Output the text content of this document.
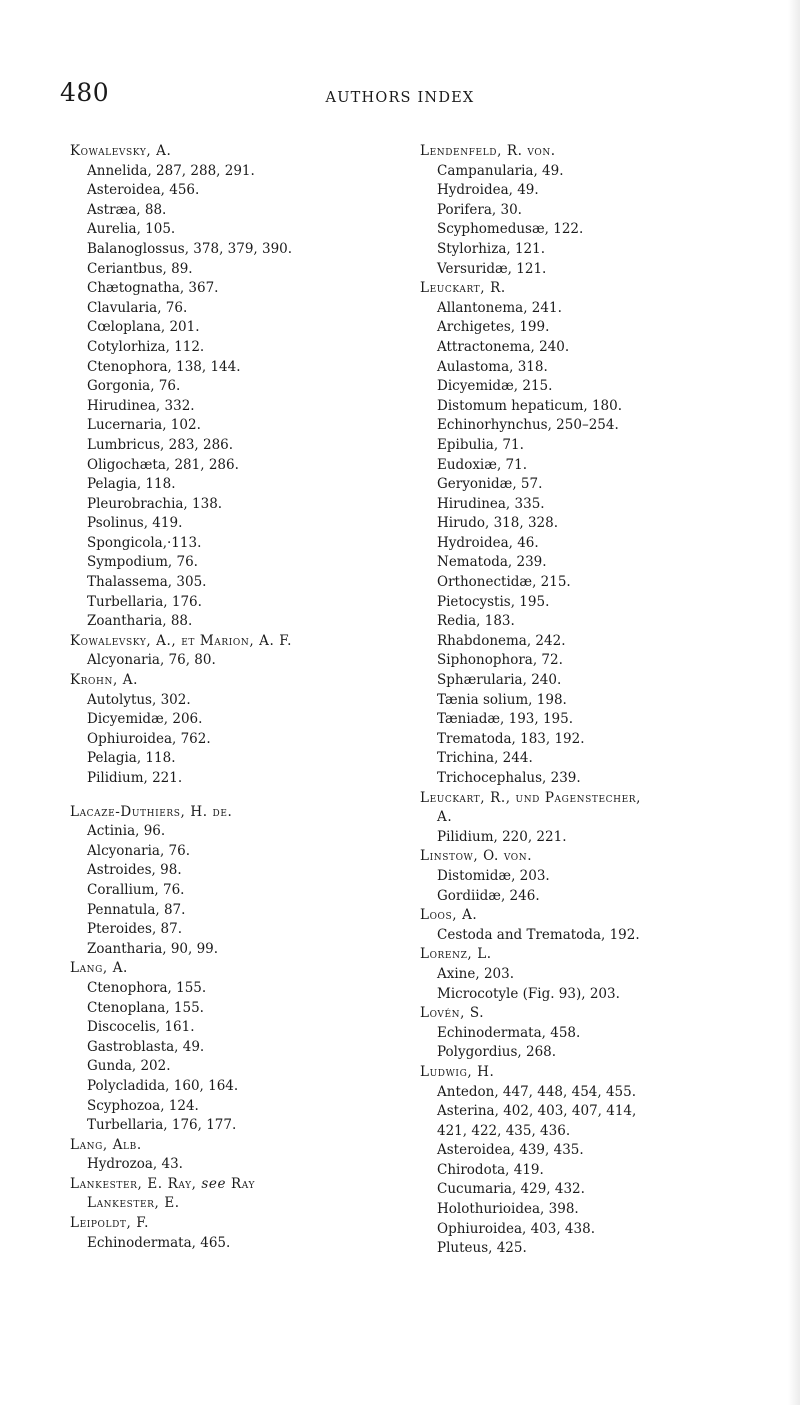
480	AUTHORS INDEX
Kowalevsky, A.
Annelida, 287, 288, 291.
Asteroidea, 456.
Astræa, 88.
Aurelia, 105.
Balanoglossus, 378, 379, 390.
Ceriantbus, 89.
Chætognatha, 367.
Clavularia, 76.
Cœloplana, 201.
Cotylorhiza, 112.
Ctenophora, 138, 144.
Gorgonia, 76.
Hirudinea, 332.
Lucernaria, 102.
Lumbricus, 283, 286.
Oligochæta, 281, 286.
Pelagia, 118.
Pleurobrachia, 138.
Psolinus, 419.
Spongicola,·113.
Sympodium, 76.
Thalassema, 305.
Turbellaria, 176.
Zoantharia, 88.
Kowalevsky, A., et Marion, A. F.
Alcyonaria, 76, 80.
Krohn, A.
Autolytus, 302.
Dicyemidæ, 206.
Ophiuroidea, 762.
Pelagia, 118.
Pilidium, 221.
Lacaze-Duthiers, H. de.
Actinia, 96.
Alcyonaria, 76.
Astroides, 98.
Corallium, 76.
Pennatula, 87.
Pteroides, 87.
Zoantharia, 90, 99.
Lang, A.
Ctenophora, 155.
Ctenoplana, 155.
Discocelis, 161.
Gastroblasta, 49.
Gunda, 202.
Polycladida, 160, 164.
Scyphozoa, 124.
Turbellaria, 176, 177.
Lang, Alb.
Hydrozoa, 43.
Lankester, E. Ray, see Ray
Lankester, E.
Leipoldt, F.
Echinodermata, 465.
Lendenfeld, R. von.
Campanularia, 49.
Hydroidea, 49.
Porifera, 30.
Scyphomedusæ, 122.
Stylorhiza, 121.
Versuridæ, 121.
Leuckart, R.
Allantonema, 241.
Archigetes, 199.
Attractonema, 240.
Aulastoma, 318.
Dicyemidæ, 215.
Distomum hepaticum, 180.
Echinorhynchus, 250–254.
Epibulia, 71.
Eudoxiæ, 71.
Geryonidæ, 57.
Hirudinea, 335.
Hirudo, 318, 328.
Hydroidea, 46.
Nematoda, 239.
Orthonectidæ, 215.
Pietocystis, 195.
Redia, 183.
Rhabdonema, 242.
Siphonophora, 72.
Sphærularia, 240.
Tænia solium, 198.
Tæniadæ, 193, 195.
Trematoda, 183, 192.
Trichina, 244.
Trichocephalus, 239.
Leuckart, R., und Pagenstecher,
A.
Pilidium, 220, 221.
Linstow, O. von.
Distomidæ, 203.
Gordiidæ, 246.
Loos, A.
Cestoda and Trematoda, 192.
Lorenz, L.
Axine, 203.
Microcotyle (Fig. 93), 203.
Lovén, S.
Echinodermata, 458.
Polygordius, 268.
Ludwig, H.
Antedon, 447, 448, 454, 455.
Asterina, 402, 403, 407, 414,
421, 422, 435, 436.
Asteroidea, 439, 435.
Chirodota, 419.
Cucumaria, 429, 432.
Holothurioidea, 398.
Ophiuroidea, 403, 438.
Pluteus, 425.
